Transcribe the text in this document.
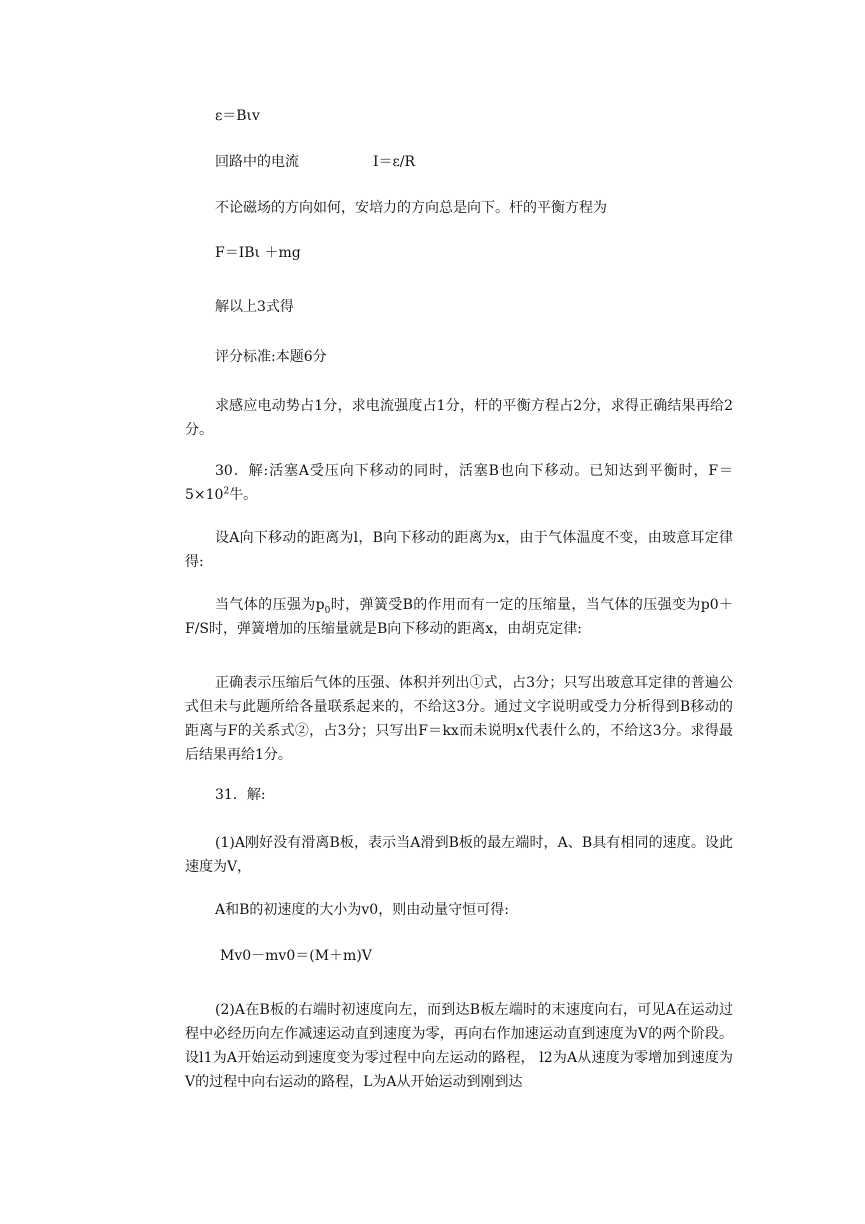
ε＝Bιv
回路中的电流	I＝ε/R
不论磁场的方向如何，安培力的方向总是向下。杆的平衡方程为
F＝IBι ＋mg
解以上3式得
评分标准:本题6分
求感应电动势占1分，求电流强度占1分，杆的平衡方程占2分，求得正确结果再给2分。
30．解:活塞A受压向下移动的同时，活塞B也向下移动。已知达到平衡时，$F=5\times 10^2$牛。
设A向下移动的距离为l，B向下移动的距离为x，由于气体温度不变，由玻意耳定律得:
当气体的压强为$p_0$时，弹簧受B的作用而有一定的压缩量，当气体的压强变为p0＋F/S时，弹簧增加的压缩量就是B向下移动的距离x，由胡克定律:
正确表示压缩后气体的压强、体积并列出①式，占3分；只写出玻意耳定律的普遍公式但未与此题所给各量联系起来的，不给这3分。通过文字说明或受力分析得到B移动的距离与F的关系式②，占3分；只写出F＝kx而未说明x代表什么的，不给这3分。求得最后结果再给1分。
31．解:
(1)A刚好没有滑离B板，表示当A滑到B板的最左端时，A、B具有相同的速度。设此速度为V，
A和B的初速度的大小为v0，则由动量守恒可得:
Mv0－mv0＝(M＋m)V
(2)A在B板的右端时初速度向左，而到达B板左端时的末速度向右，可见A在运动过程中必经历向左作减速运动直到速度为零，再向右作加速运动直到速度为V的两个阶段。设l1为A开始运动到速度变为零过程中向左运动的路程， l2为A从速度为零增加到速度为V的过程中向右运动的路程，L为A从开始运动到刚到达
